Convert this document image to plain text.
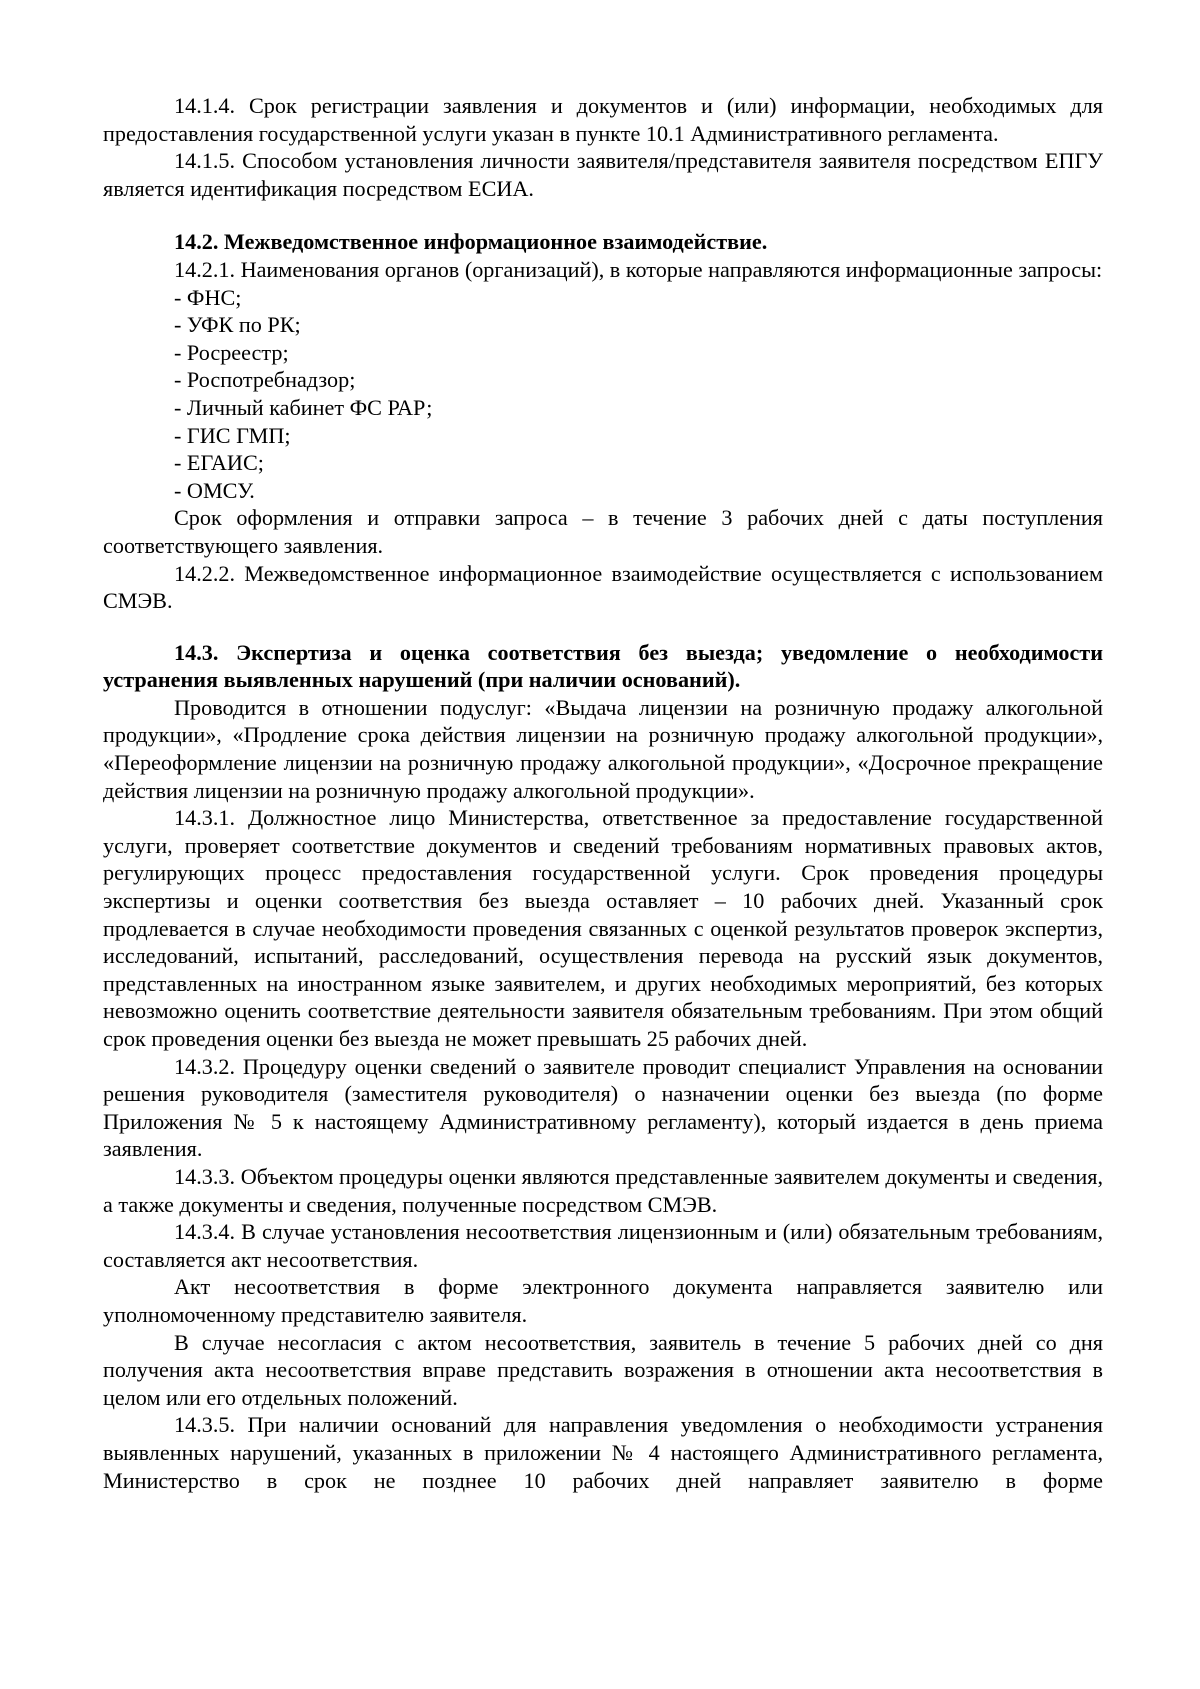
14.1.4. Срок регистрации заявления и документов и (или) информации, необходимых для предоставления государственной услуги указан в пункте 10.1 Административного регламента.

14.1.5. Способом установления личности заявителя/представителя заявителя посредством ЕПГУ является идентификация посредством ЕСИА.

14.2. Межведомственное информационное взаимодействие.

14.2.1. Наименования органов (организаций), в которые направляются информационные запросы:

- ФНС;

- УФК по РК;

- Росреестр;

- Роспотребнадзор;

- Личный кабинет ФС РАР;

- ГИС ГМП;

- ЕГАИС;

- ОМСУ.

Срок оформления и отправки запроса – в течение 3 рабочих дней с даты поступления соответствующего заявления.

14.2.2. Межведомственное информационное взаимодействие осуществляется с использованием СМЭВ.

14.3. Экспертиза и оценка соответствия без выезда; уведомление о необходимости устранения выявленных нарушений (при наличии оснований).

Проводится в отношении подуслуг: «Выдача лицензии на розничную продажу алкогольной продукции», «Продление срока действия лицензии на розничную продажу алкогольной продукции», «Переоформление лицензии на розничную продажу алкогольной продукции», «Досрочное прекращение действия лицензии на розничную продажу алкогольной продукции».

14.3.1. Должностное лицо Министерства, ответственное за предоставление государственной услуги, проверяет соответствие документов и сведений требованиям нормативных правовых актов, регулирующих процесс предоставления государственной услуги. Срок проведения процедуры экспертизы и оценки соответствия без выезда оставляет – 10 рабочих дней. Указанный срок продлевается в случае необходимости проведения связанных с оценкой результатов проверок экспертиз, исследований, испытаний, расследований, осуществления перевода на русский язык документов, представленных на иностранном языке заявителем, и других необходимых мероприятий, без которых невозможно оценить соответствие деятельности заявителя обязательным требованиям. При этом общий срок проведения оценки без выезда не может превышать 25 рабочих дней.

14.3.2. Процедуру оценки сведений о заявителе проводит специалист Управления на основании решения руководителя (заместителя руководителя) о назначении оценки без выезда (по форме Приложения № 5 к настоящему Административному регламенту), который издается в день приема заявления.

14.3.3. Объектом процедуры оценки являются представленные заявителем документы и сведения, а также документы и сведения, полученные посредством СМЭВ.

14.3.4. В случае установления несоответствия лицензионным и (или) обязательным требованиям, составляется акт несоответствия.

Акт несоответствия в форме электронного документа направляется заявителю или уполномоченному представителю заявителя.

В случае несогласия с актом несоответствия, заявитель в течение 5 рабочих дней со дня получения акта несоответствия вправе представить возражения в отношении акта несоответствия в целом или его отдельных положений.

14.3.5. При наличии оснований для направления уведомления о необходимости устранения выявленных нарушений, указанных в приложении № 4 настоящего Административного регламента, Министерство в срок не позднее 10 рабочих дней направляет заявителю в форме
